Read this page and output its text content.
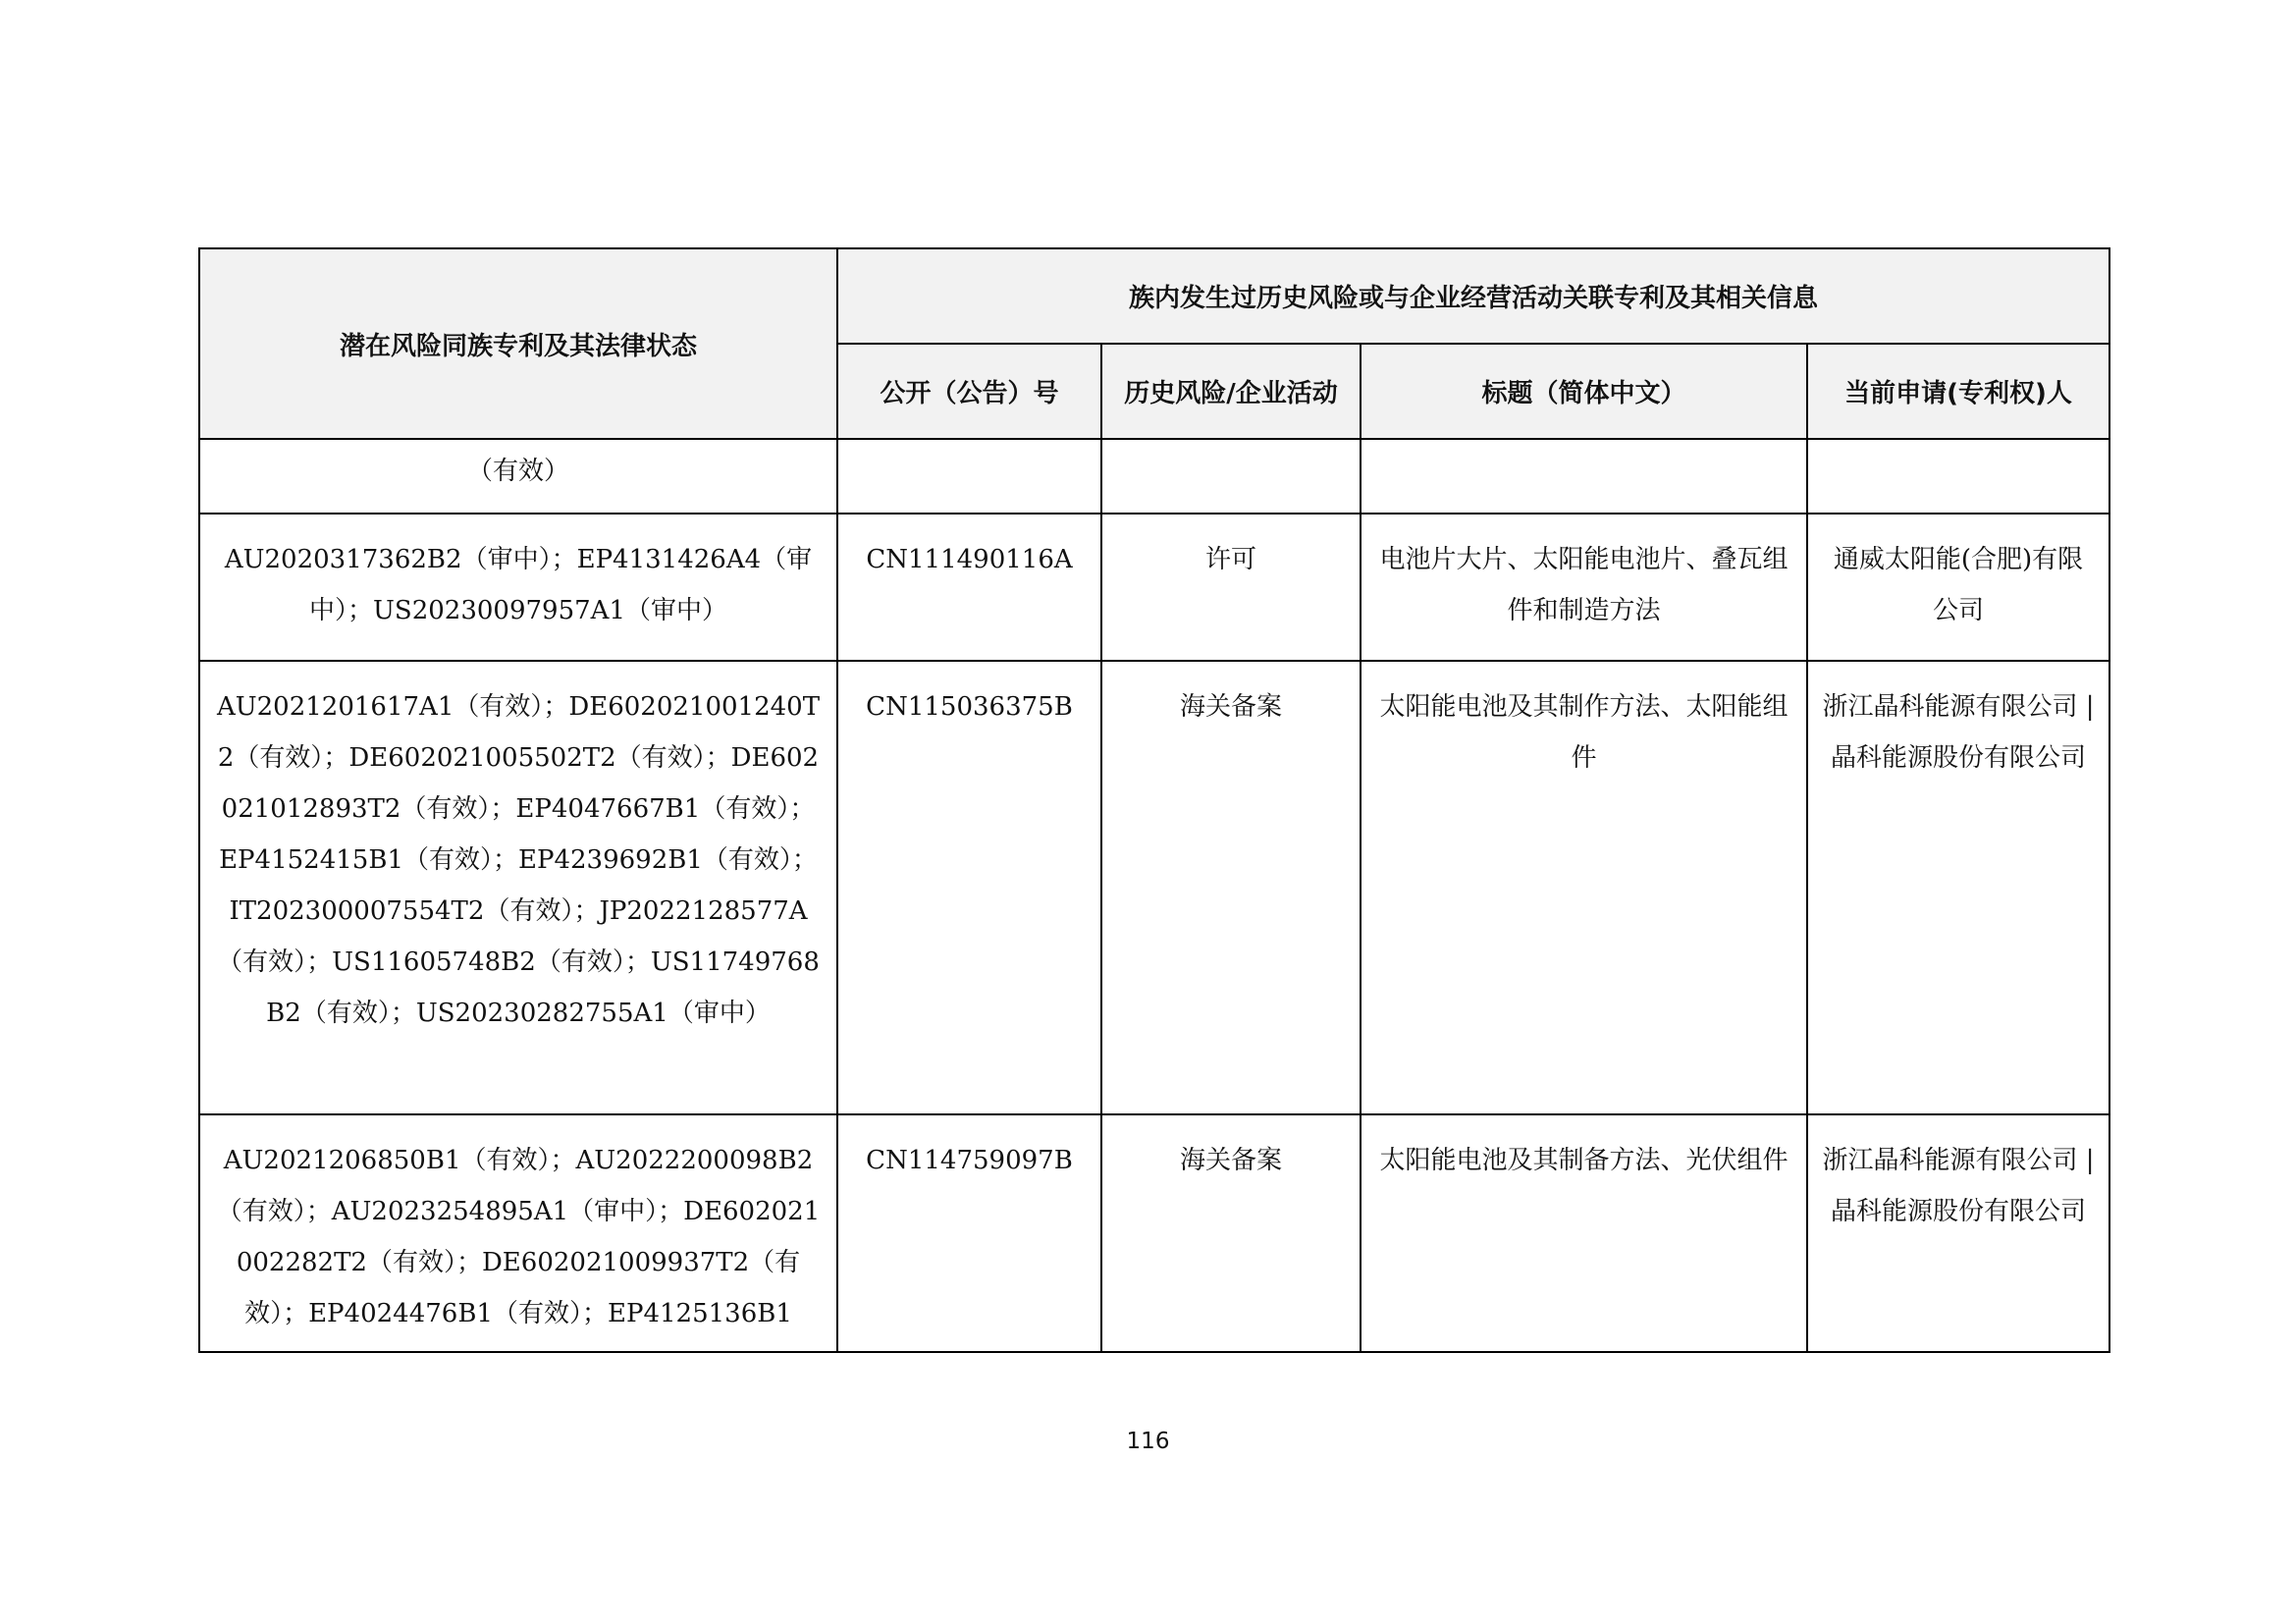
潜在风险同族专利及其法律状态	族内发生过历史风险或与企业经营活动关联专利及其相关信息			
	公开（公告）号	历史风险/企业活动	标题（简体中文）	当前申请(专利权)人

（有效）				

AU2020317362B2（审中）；EP4131426A4（审中）；US20230097957A1（审中）	CN111490116A	许可	电池片大片、太阳能电池片、叠瓦组件和制造方法	通威太阳能(合肥)有限公司

AU2021201617A1（有效）；DE602021001240T2（有效）；DE602021005502T2（有效）；DE602021012893T2（有效）；EP4047667B1（有效）；EP4152415B1（有效）；EP4239692B1（有效）；IT202300007554T2（有效）；JP2022128577A（有效）；US11605748B2（有效）；US11749768B2（有效）；US20230282755A1（审中）	CN115036375B	海关备案	太阳能电池及其制作方法、太阳能组件	浙江晶科能源有限公司 | 晶科能源股份有限公司

AU2021206850B1（有效）；AU2022200098B2（有效）；AU2023254895A1（审中）；DE602021002282T2（有效）；DE602021009937T2（有效）；EP4024476B1（有效）；EP4125136B1	CN114759097B	海关备案	太阳能电池及其制备方法、光伏组件	浙江晶科能源有限公司 | 晶科能源股份有限公司
116
